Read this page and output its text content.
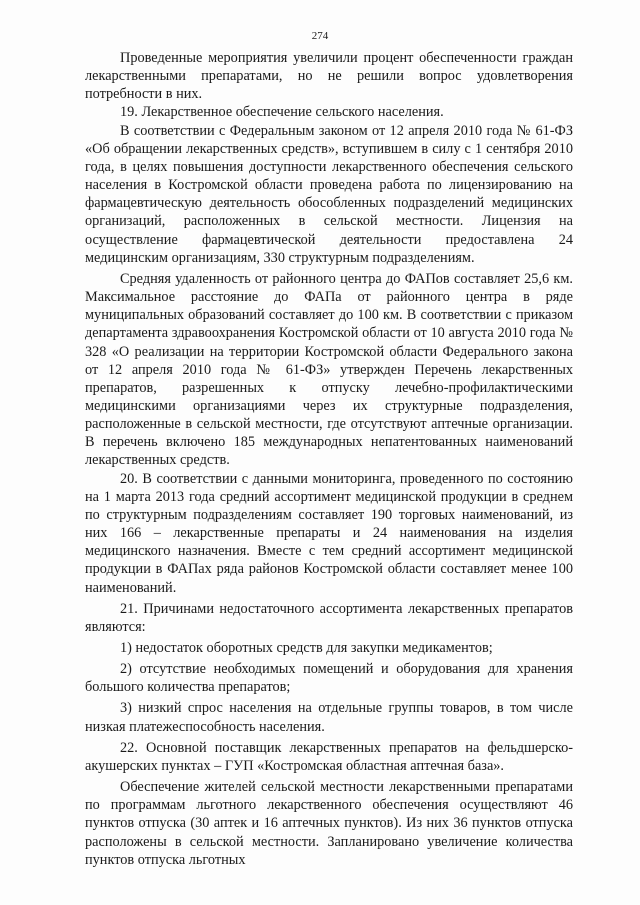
274

Проведенные мероприятия увеличили процент обеспеченности граждан лекарственными препаратами, но не решили вопрос удовлетворения потребности в них.

19. Лекарственное обеспечение сельского населения.

В соответствии с Федеральным законом от 12 апреля 2010 года № 61-ФЗ «Об обращении лекарственных средств», вступившем в силу с 1 сентября 2010 года, в целях повышения доступности лекарственного обеспечения сельского населения в Костромской области проведена работа по лицензированию на фармацевтическую деятельность обособленных подразделений медицинских организаций, расположенных в сельской местности. Лицензия на осуществление фармацевтической деятельности предоставлена 24 медицинским организациям, 330 структурным подразделениям.

Средняя удаленность от районного центра до ФАПов составляет 25,6 км. Максимальное расстояние до ФАПа от районного центра в ряде муниципальных образований составляет до 100 км. В соответствии с приказом департамента здравоохранения Костромской области от 10 августа 2010 года № 328 «О реализации на территории Костромской области Федерального закона от 12 апреля 2010 года № 61-ФЗ» утвержден Перечень лекарственных препаратов, разрешенных к отпуску лечебно-профилактическими медицинскими организациями через их структурные подразделения, расположенные в сельской местности, где отсутствуют аптечные организации. В перечень включено 185 международных непатентованных наименований лекарственных средств.

20. В соответствии с данными мониторинга, проведенного по состоянию на 1 марта 2013 года средний ассортимент медицинской продукции в среднем по структурным подразделениям составляет 190 торговых наименований, из них 166 – лекарственные препараты и 24 наименования на изделия медицинского назначения. Вместе с тем средний ассортимент медицинской продукции в ФАПах ряда районов Костромской области составляет менее 100 наименований.

21. Причинами недостаточного ассортимента лекарственных препаратов являются:

1) недостаток оборотных средств для закупки медикаментов;

2) отсутствие необходимых помещений и оборудования для хранения большого количества препаратов;

3) низкий спрос населения на отдельные группы товаров, в том числе низкая платежеспособность населения.

22. Основной поставщик лекарственных препаратов на фельдшерско-акушерских пунктах – ГУП «Костромская областная аптечная база».

Обеспечение жителей сельской местности лекарственными препаратами по программам льготного лекарственного обеспечения осуществляют 46 пунктов отпуска (30 аптек и 16 аптечных пунктов). Из них 36 пунктов отпуска расположены в сельской местности. Запланировано увеличение количества пунктов отпуска льготных
